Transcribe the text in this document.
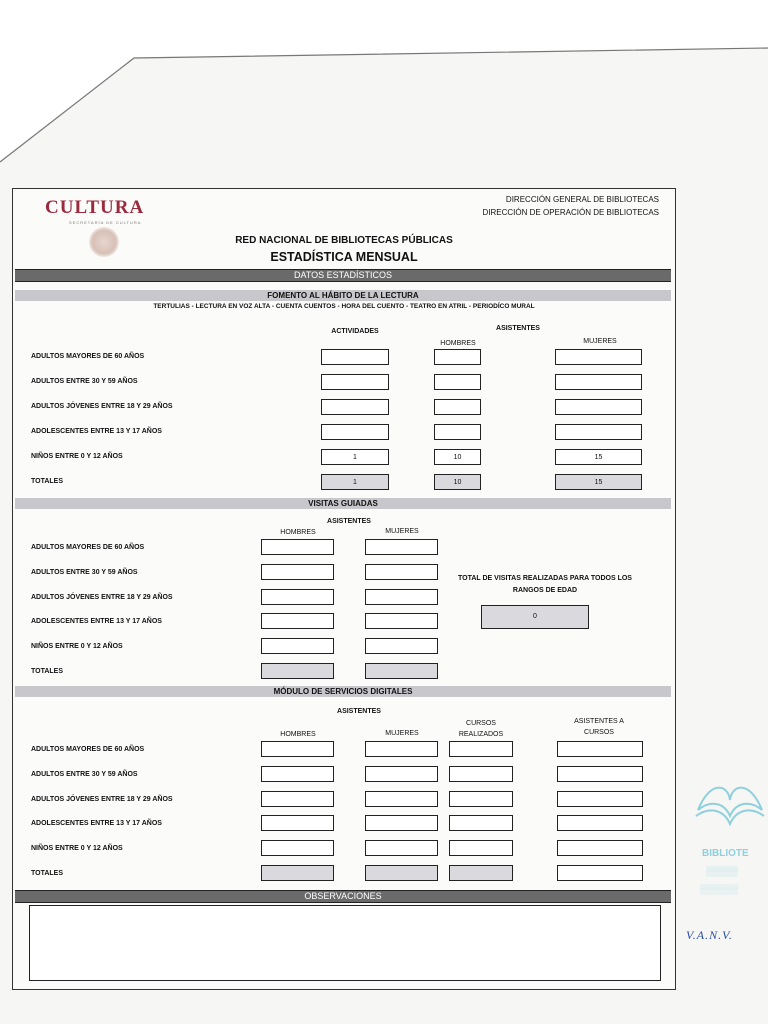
CULTURA
SECRETARÍA DE CULTURA
DIRECCIÓN GENERAL DE BIBLIOTECAS
DIRECCIÓN DE OPERACIÓN DE BIBLIOTECAS
RED NACIONAL DE BIBLIOTECAS PÚBLICAS
ESTADÍSTICA MENSUAL
DATOS ESTADÍSTICOS
FOMENTO AL HÁBITO DE LA LECTURA
TERTULIAS - LECTURA EN VOZ ALTA - CUENTA CUENTOS - HORA DEL CUENTO - TEATRO EN ATRIL - PERIODÍCO MURAL
ACTIVIDADES	ASISTENTES
HOMBRES	MUJERES
ADULTOS MAYORES DE 60 AÑOS
ADULTOS ENTRE 30 Y 59 AÑOS
ADULTOS JÓVENES ENTRE 18 Y 29 AÑOS
ADOLESCENTES ENTRE 13 Y 17 AÑOS
NIÑOS ENTRE 0 Y 12 AÑOS	1	10	15
TOTALES	1	10	15
VISITAS GUIADAS
ASISTENTES
HOMBRES	MUJERES
ADULTOS MAYORES DE 60 AÑOS
ADULTOS ENTRE 30 Y 59 AÑOS
ADULTOS JÓVENES ENTRE 18 Y 29 AÑOS
ADOLESCENTES ENTRE 13 Y 17 AÑOS
NIÑOS ENTRE 0 Y 12 AÑOS
TOTALES
TOTAL DE VISITAS REALIZADAS PARA TODOS LOS RANGOS DE EDAD
0
MÓDULO DE SERVICIOS DIGITALES
ASISTENTES
HOMBRES	MUJERES
CURSOS REALIZADOS
ASISTENTES A CURSOS
ADULTOS MAYORES DE 60 AÑOS
ADULTOS ENTRE 30 Y 59 AÑOS
ADULTOS JÓVENES ENTRE 18 Y 29 AÑOS
ADOLESCENTES ENTRE 13 Y 17 AÑOS
NIÑOS ENTRE 0 Y 12 AÑOS
TOTALES
OBSERVACIONES
BIBLIOTE
▒▒▒▒▒
▒▒▒▒▒▒
V.A.N.V.
